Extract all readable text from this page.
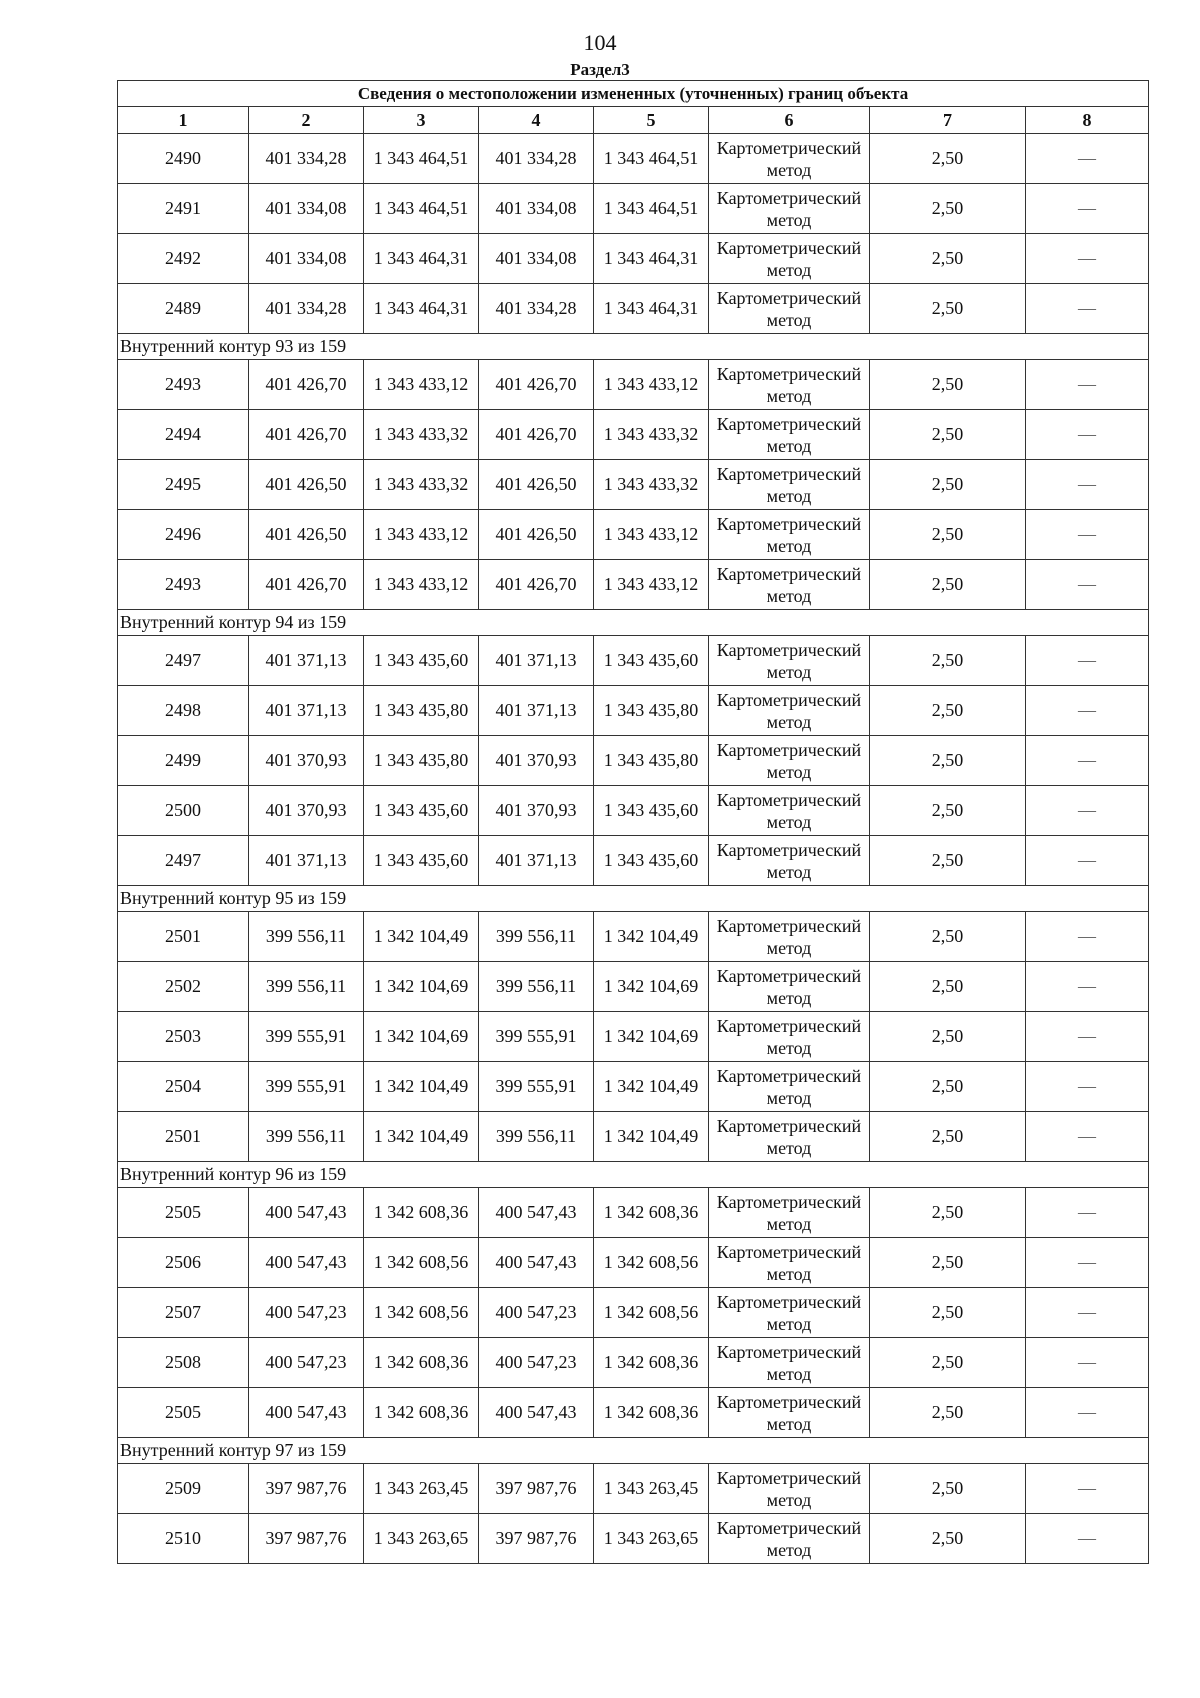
104
Раздел3
Сведения о местоположении измененных (уточненных) границ объекта							
1	2	3	4	5	6	7	8
2490	401 334,28	1 343 464,51	401 334,28	1 343 464,51	Картометрический метод	2,50	—
2491	401 334,08	1 343 464,51	401 334,08	1 343 464,51	Картометрический метод	2,50	—
2492	401 334,08	1 343 464,31	401 334,08	1 343 464,31	Картометрический метод	2,50	—
2489	401 334,28	1 343 464,31	401 334,28	1 343 464,31	Картометрический метод	2,50	—
Внутренний контур 93 из 159							
2493	401 426,70	1 343 433,12	401 426,70	1 343 433,12	Картометрический метод	2,50	—
2494	401 426,70	1 343 433,32	401 426,70	1 343 433,32	Картометрический метод	2,50	—
2495	401 426,50	1 343 433,32	401 426,50	1 343 433,32	Картометрический метод	2,50	—
2496	401 426,50	1 343 433,12	401 426,50	1 343 433,12	Картометрический метод	2,50	—
2493	401 426,70	1 343 433,12	401 426,70	1 343 433,12	Картометрический метод	2,50	—
Внутренний контур 94 из 159							
2497	401 371,13	1 343 435,60	401 371,13	1 343 435,60	Картометрический метод	2,50	—
2498	401 371,13	1 343 435,80	401 371,13	1 343 435,80	Картометрический метод	2,50	—
2499	401 370,93	1 343 435,80	401 370,93	1 343 435,80	Картометрический метод	2,50	—
2500	401 370,93	1 343 435,60	401 370,93	1 343 435,60	Картометрический метод	2,50	—
2497	401 371,13	1 343 435,60	401 371,13	1 343 435,60	Картометрический метод	2,50	—
Внутренний контур 95 из 159							
2501	399 556,11	1 342 104,49	399 556,11	1 342 104,49	Картометрический метод	2,50	—
2502	399 556,11	1 342 104,69	399 556,11	1 342 104,69	Картометрический метод	2,50	—
2503	399 555,91	1 342 104,69	399 555,91	1 342 104,69	Картометрический метод	2,50	—
2504	399 555,91	1 342 104,49	399 555,91	1 342 104,49	Картометрический метод	2,50	—
2501	399 556,11	1 342 104,49	399 556,11	1 342 104,49	Картометрический метод	2,50	—
Внутренний контур 96 из 159							
2505	400 547,43	1 342 608,36	400 547,43	1 342 608,36	Картометрический метод	2,50	—
2506	400 547,43	1 342 608,56	400 547,43	1 342 608,56	Картометрический метод	2,50	—
2507	400 547,23	1 342 608,56	400 547,23	1 342 608,56	Картометрический метод	2,50	—
2508	400 547,23	1 342 608,36	400 547,23	1 342 608,36	Картометрический метод	2,50	—
2505	400 547,43	1 342 608,36	400 547,43	1 342 608,36	Картометрический метод	2,50	—
Внутренний контур 97 из 159							
2509	397 987,76	1 343 263,45	397 987,76	1 343 263,45	Картометрический метод	2,50	—
2510	397 987,76	1 343 263,65	397 987,76	1 343 263,65	Картометрический метод	2,50	—
